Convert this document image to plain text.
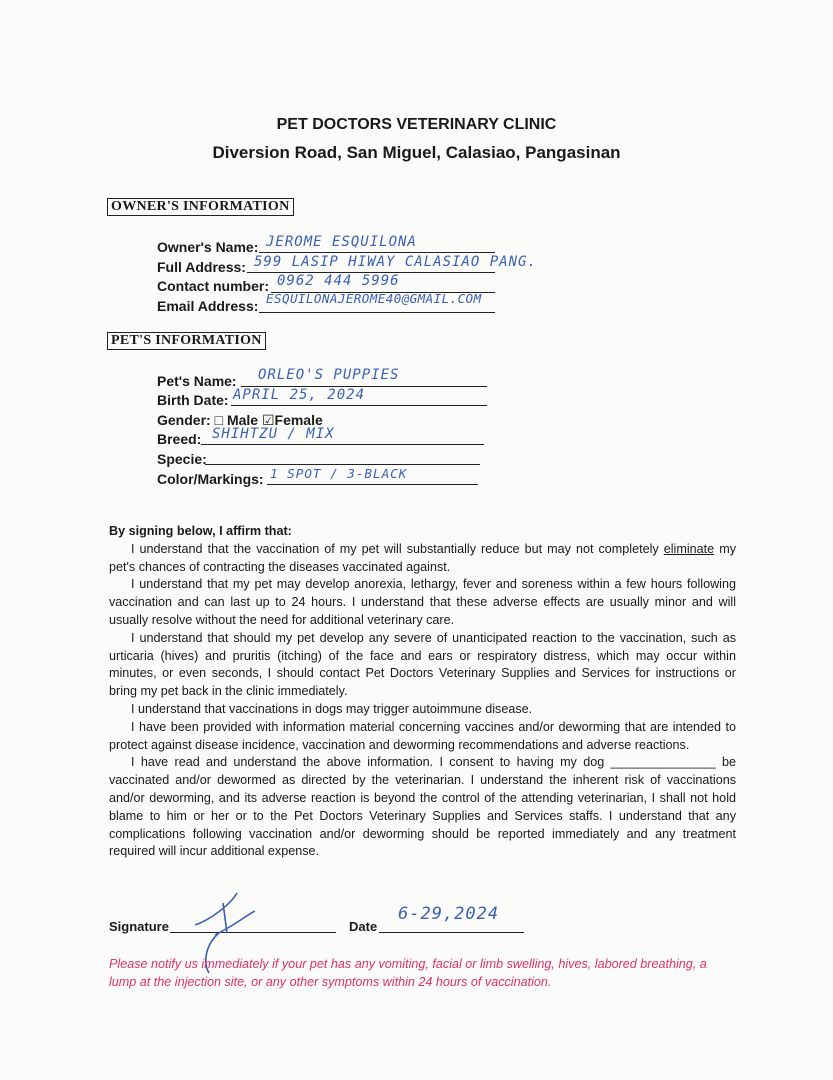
PET DOCTORS VETERINARY CLINIC
Diversion Road, San Miguel, Calasiao, Pangasinan
OWNER'S INFORMATION
Owner's Name: JEROME ESQUILONA
Full Address: 599 LASIP HIWAY CALASIAO PANG.
Contact number: 0962 444 5996
Email Address: ESQUILONAJEROME40@GMAIL.COM
PET'S INFORMATION
Pet's Name: ORLEO'S PUPPIES
Birth Date: APRIL 25, 2024
Gender: □ Male ☑Female
Breed: SHIHTZU / MIX
Specie:
Color/Markings: 1 SPOT / 3-BLACK

By signing below, I affirm that:

I understand that the vaccination of my pet will substantially reduce but may not completely eliminate my pet's chances of contracting the diseases vaccinated against.

I understand that my pet may develop anorexia, lethargy, fever and soreness within a few hours following vaccination and can last up to 24 hours. I understand that these adverse effects are usually minor and will usually resolve without the need for additional veterinary care.

I understand that should my pet develop any severe of unanticipated reaction to the vaccination, such as urticaria (hives) and pruritis (itching) of the face and ears or respiratory distress, which may occur within minutes, or even seconds, I should contact Pet Doctors Veterinary Supplies and Services for instructions or bring my pet back in the clinic immediately.

I understand that vaccinations in dogs may trigger autoimmune disease.

I have been provided with information material concerning vaccines and/or deworming that are intended to protect against disease incidence, vaccination and deworming recommendations and adverse reactions.

I have read and understand the above information. I consent to having my dog _______________ be vaccinated and/or dewormed as directed by the veterinarian. I understand the inherent risk of vaccinations and/or deworming, and its adverse reaction is beyond the control of the attending veterinarian, I shall not hold blame to him or her or to the Pet Doctors Veterinary Supplies and Services staffs. I understand that any complications following vaccination and/or deworming should be reported immediately and any treatment required will incur additional expense.

Signature	Date
6-29,2024
Please notify us immediately if your pet has any vomiting, facial or limb swelling, hives, labored breathing, a lump at the injection site, or any other symptoms within 24 hours of vaccination.
